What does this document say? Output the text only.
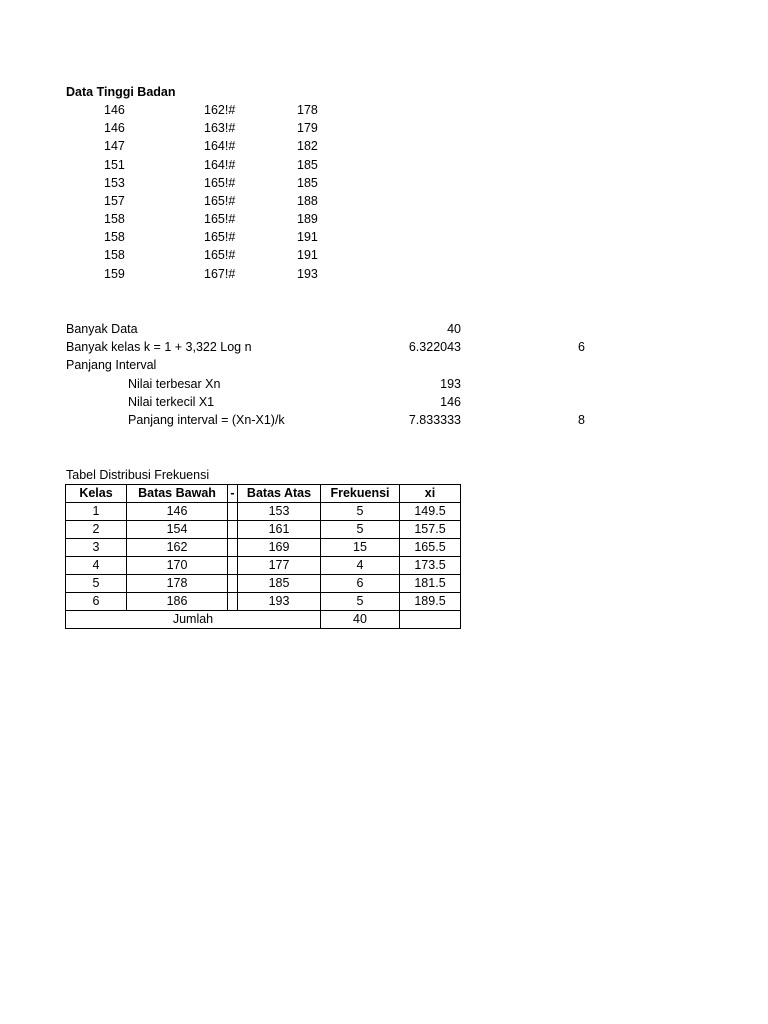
Data Tinggi Badan
146	162!#	178
146	163!#	179
147	164!#	182
151	164!#	185
153	165!#	185
157	165!#	188
158	165!#	189
158	165!#	191
158	165!#	191
159	167!#	193
Banyak Data	40
Banyak kelas k = 1 + 3,322 Log n	6.322043	6
Panjang Interval
Nilai terbesar Xn	193
Nilai terkecil X1	146
Panjang interval = (Xn-X1)/k	7.833333	8
Tabel Distribusi Frekuensi
Kelas	Batas Bawah	-	Batas Atas	Frekuensi	xi
1	146		153	5	149.5
2	154		161	5	157.5
3	162		169	15	165.5
4	170		177	4	173.5
5	178		185	6	181.5
6	186		193	5	189.5
Jumlah				40	
